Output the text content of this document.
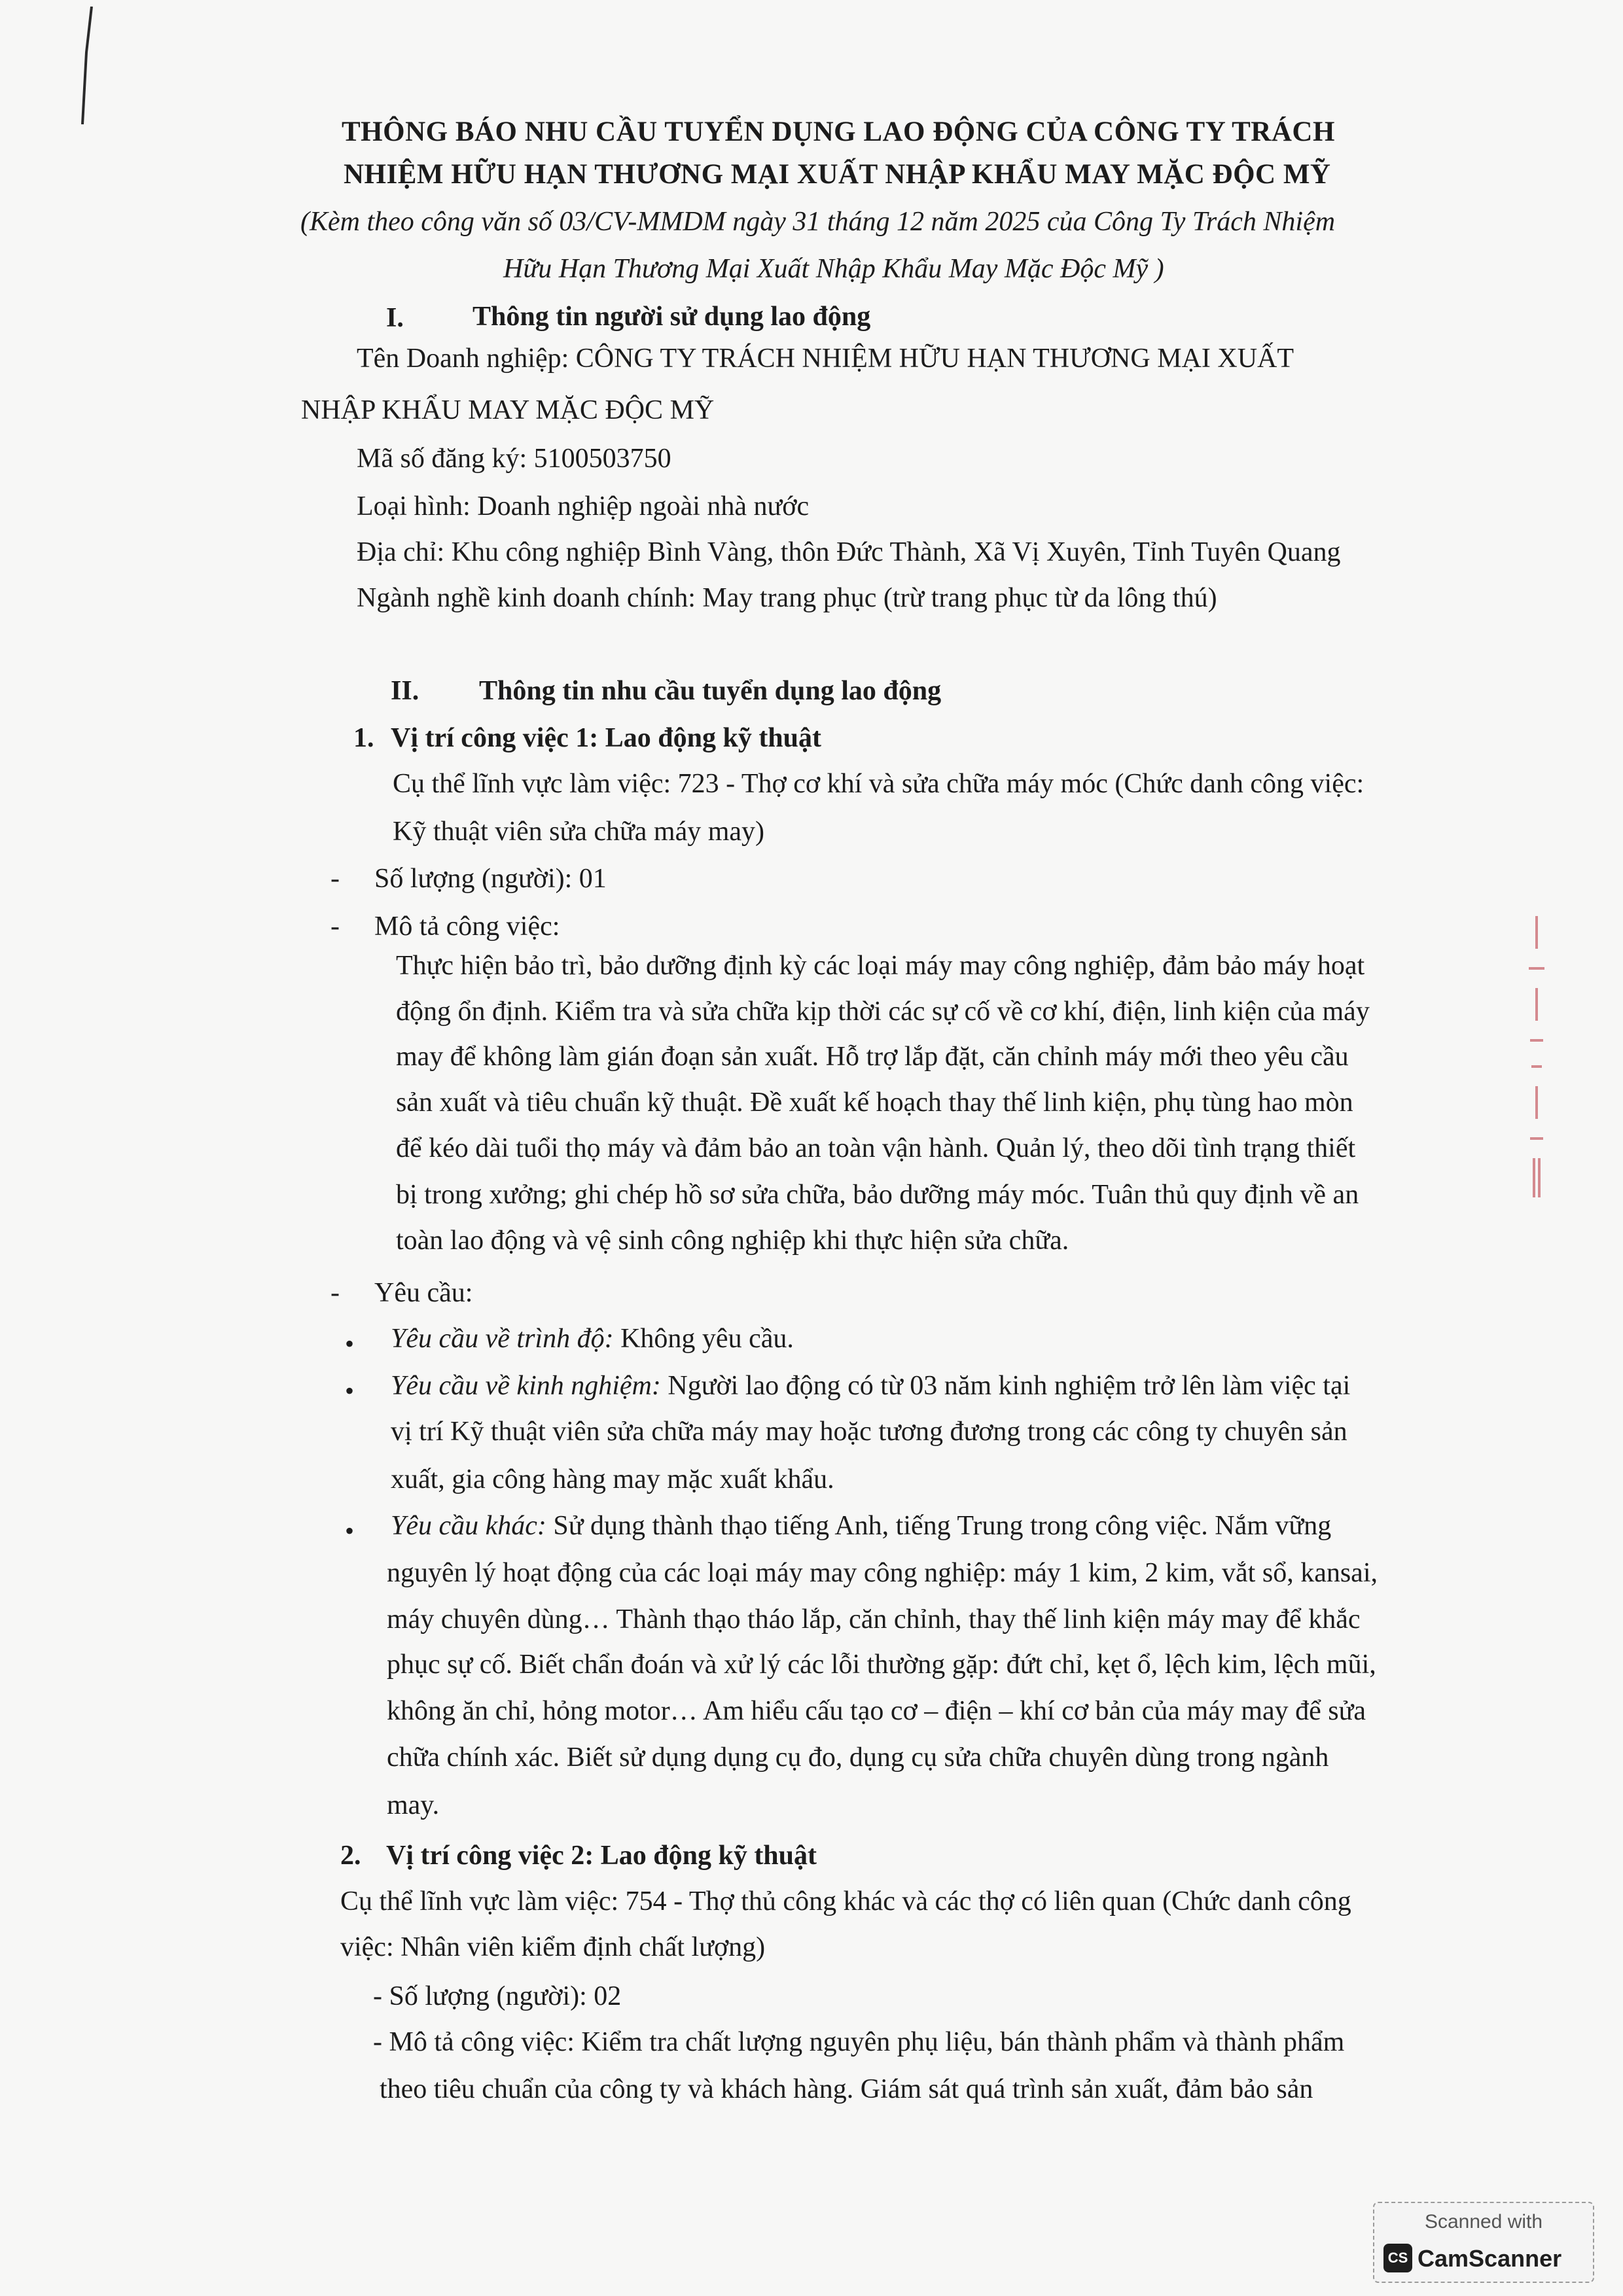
THÔNG BÁO NHU CẦU TUYỂN DỤNG LAO ĐỘNG CỦA CÔNG TY TRÁCH
NHIỆM HỮU HẠN THƯƠNG MẠI XUẤT NHẬP KHẨU MAY MẶC ĐỘC MỸ
(Kèm theo công văn số 03/CV-MMDM ngày 31 tháng 12 năm 2025 của Công Ty Trách Nhiệm
Hữu Hạn Thương Mại Xuất Nhập Khẩu May Mặc Độc Mỹ )
I.	Thông tin người sử dụng lao động
Tên Doanh nghiệp: CÔNG TY TRÁCH NHIỆM HỮU HẠN THƯƠNG MẠI XUẤT
NHẬP KHẨU MAY MẶC ĐỘC MỸ
Mã số đăng ký: 5100503750
Loại hình: Doanh nghiệp ngoài nhà nước
Địa chỉ: Khu công nghiệp Bình Vàng, thôn Đức Thành, Xã Vị Xuyên, Tỉnh Tuyên Quang
Ngành nghề kinh doanh chính: May trang phục (trừ trang phục từ da lông thú)
II. Thông tin nhu cầu tuyển dụng lao động
1. Vị trí công việc 1: Lao động kỹ thuật
Cụ thể lĩnh vực làm việc: 723 - Thợ cơ khí và sửa chữa máy móc (Chức danh công việc:
Kỹ thuật viên sửa chữa máy may)
- Số lượng (người): 01
- Mô tả công việc:
Thực hiện bảo trì, bảo dưỡng định kỳ các loại máy may công nghiệp, đảm bảo máy hoạt
động ổn định. Kiểm tra và sửa chữa kịp thời các sự cố về cơ khí, điện, linh kiện của máy
may để không làm gián đoạn sản xuất. Hỗ trợ lắp đặt, căn chỉnh máy mới theo yêu cầu
sản xuất và tiêu chuẩn kỹ thuật. Đề xuất kế hoạch thay thế linh kiện, phụ tùng hao mòn
để kéo dài tuổi thọ máy và đảm bảo an toàn vận hành. Quản lý, theo dõi tình trạng thiết
bị trong xưởng; ghi chép hồ sơ sửa chữa, bảo dưỡng máy móc. Tuân thủ quy định về an
toàn lao động và vệ sinh công nghiệp khi thực hiện sửa chữa.
- Yêu cầu:
• Yêu cầu về trình độ: Không yêu cầu.
• Yêu cầu về kinh nghiệm: Người lao động có từ 03 năm kinh nghiệm trở lên làm việc tại
vị trí Kỹ thuật viên sửa chữa máy may hoặc tương đương trong các công ty chuyên sản
xuất, gia công hàng may mặc xuất khẩu.
• Yêu cầu khác: Sử dụng thành thạo tiếng Anh, tiếng Trung trong công việc. Nắm vững
nguyên lý hoạt động của các loại máy may công nghiệp: máy 1 kim, 2 kim, vắt sổ, kansai,
máy chuyên dùng… Thành thạo tháo lắp, căn chỉnh, thay thế linh kiện máy may để khắc
phục sự cố. Biết chẩn đoán và xử lý các lỗi thường gặp: đứt chỉ, kẹt ổ, lệch kim, lệch mũi,
không ăn chỉ, hỏng motor… Am hiểu cấu tạo cơ – điện – khí cơ bản của máy may để sửa
chữa chính xác. Biết sử dụng dụng cụ đo, dụng cụ sửa chữa chuyên dùng trong ngành
may.
2. Vị trí công việc 2: Lao động kỹ thuật
Cụ thể lĩnh vực làm việc: 754 - Thợ thủ công khác và các thợ có liên quan (Chức danh công
việc: Nhân viên kiểm định chất lượng)
- Số lượng (người): 02
- Mô tả công việc: Kiểm tra chất lượng nguyên phụ liệu, bán thành phẩm và thành phẩm
theo tiêu chuẩn của công ty và khách hàng. Giám sát quá trình sản xuất, đảm bảo sản
Scanned with
CS CamScanner
